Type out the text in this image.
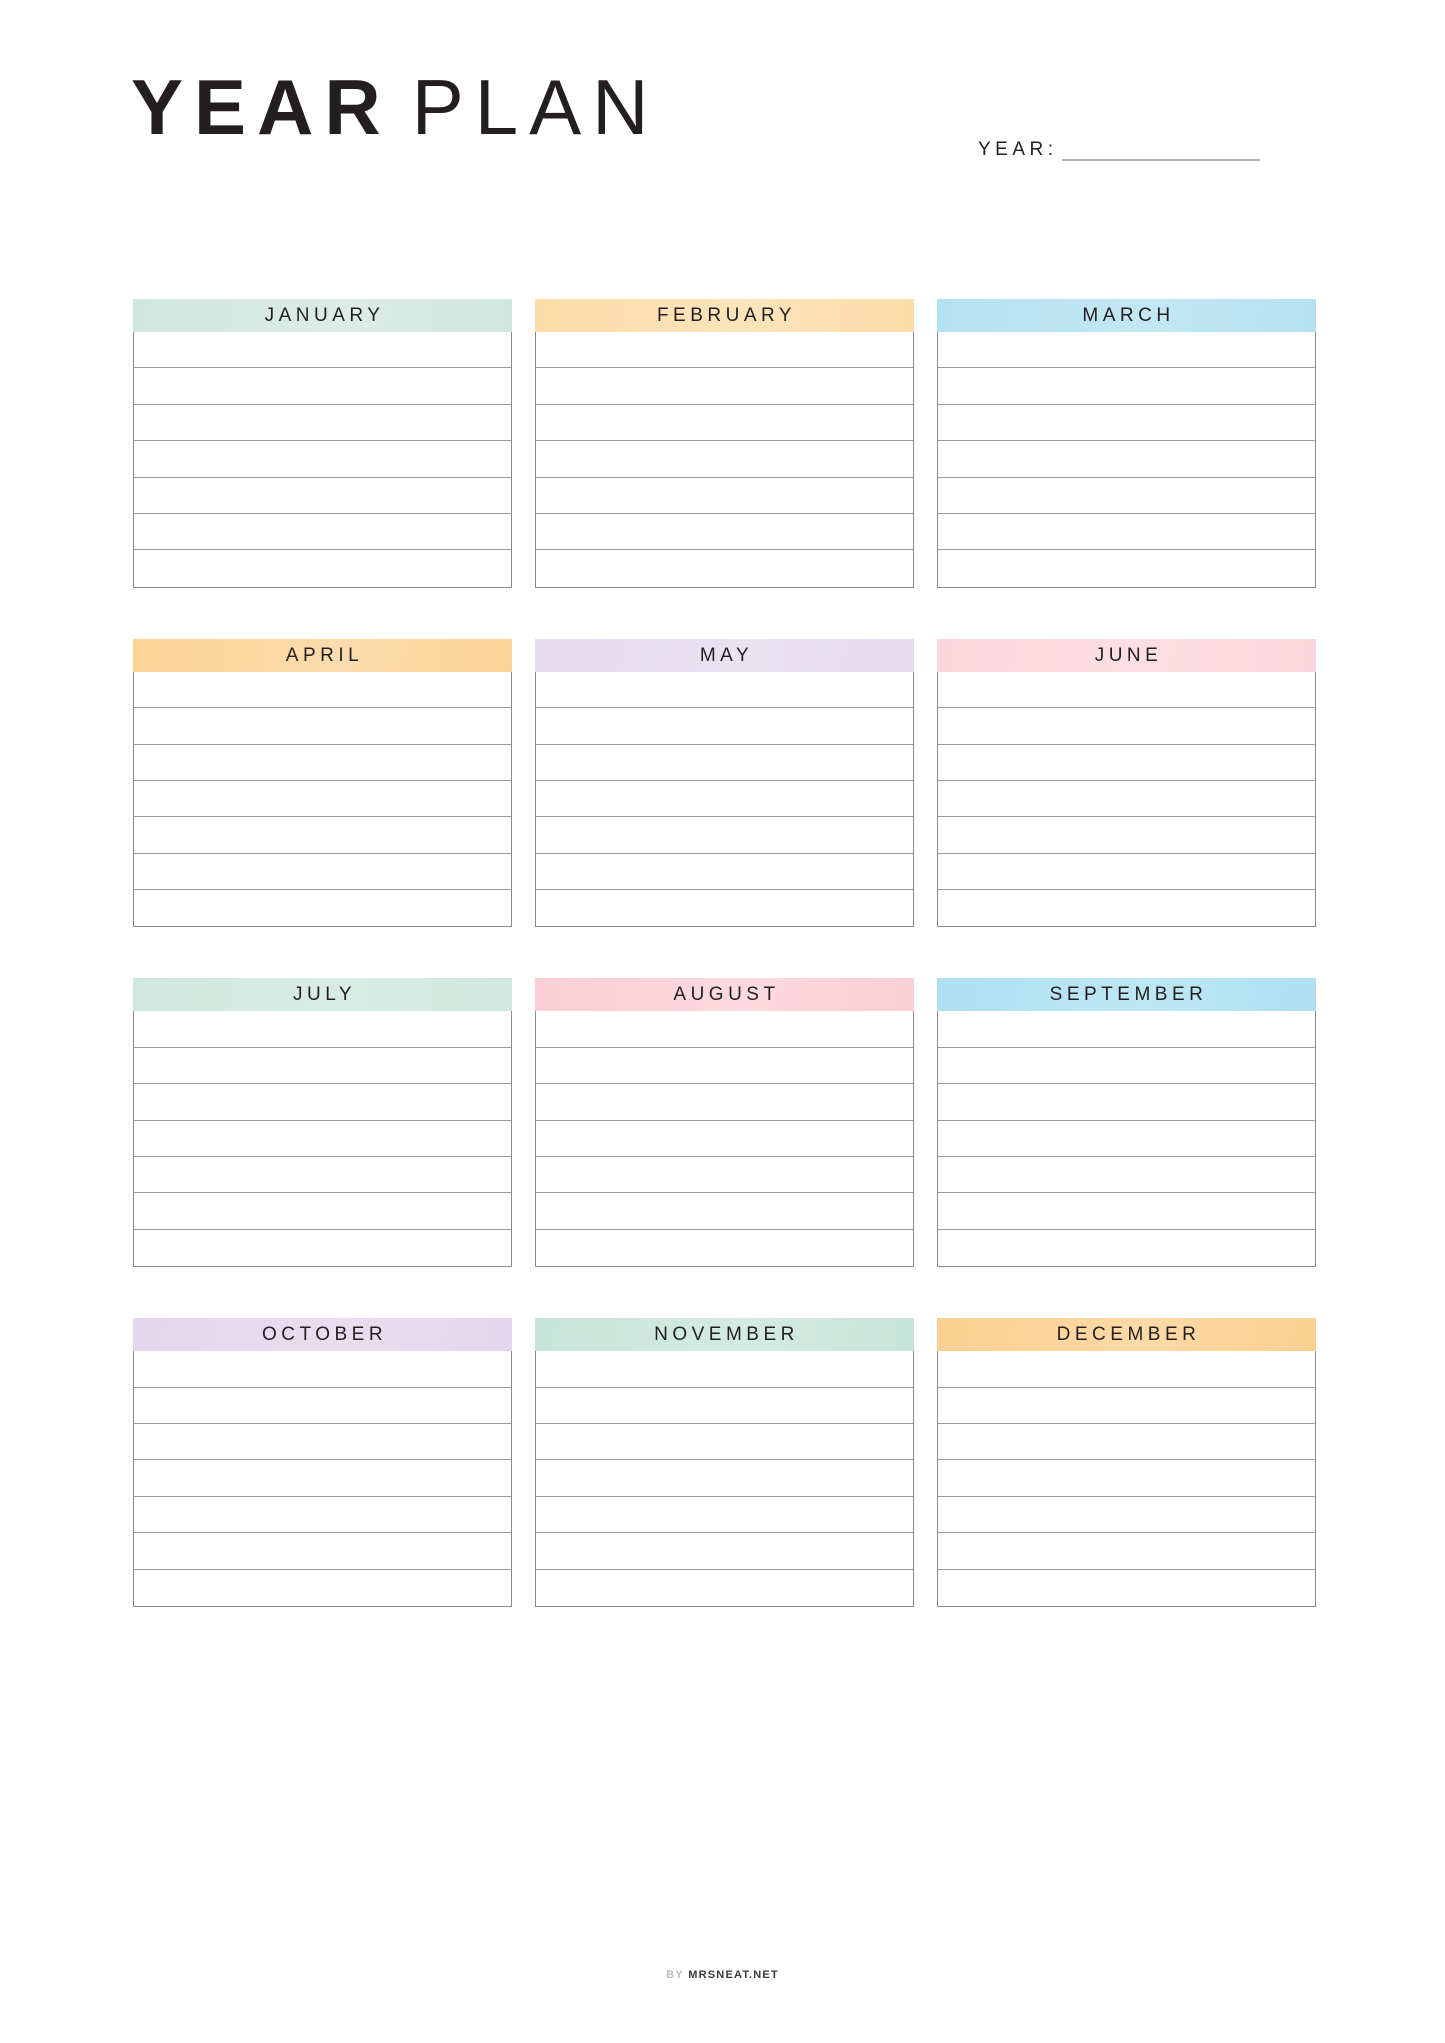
YEAR PLAN	YEAR:
JANUARY	FEBRUARY	MARCH
APRIL	MAY	JUNE
JULY	AUGUST	SEPTEMBER
OCTOBER	NOVEMBER	DECEMBER
BY MRSNEAT.NET
